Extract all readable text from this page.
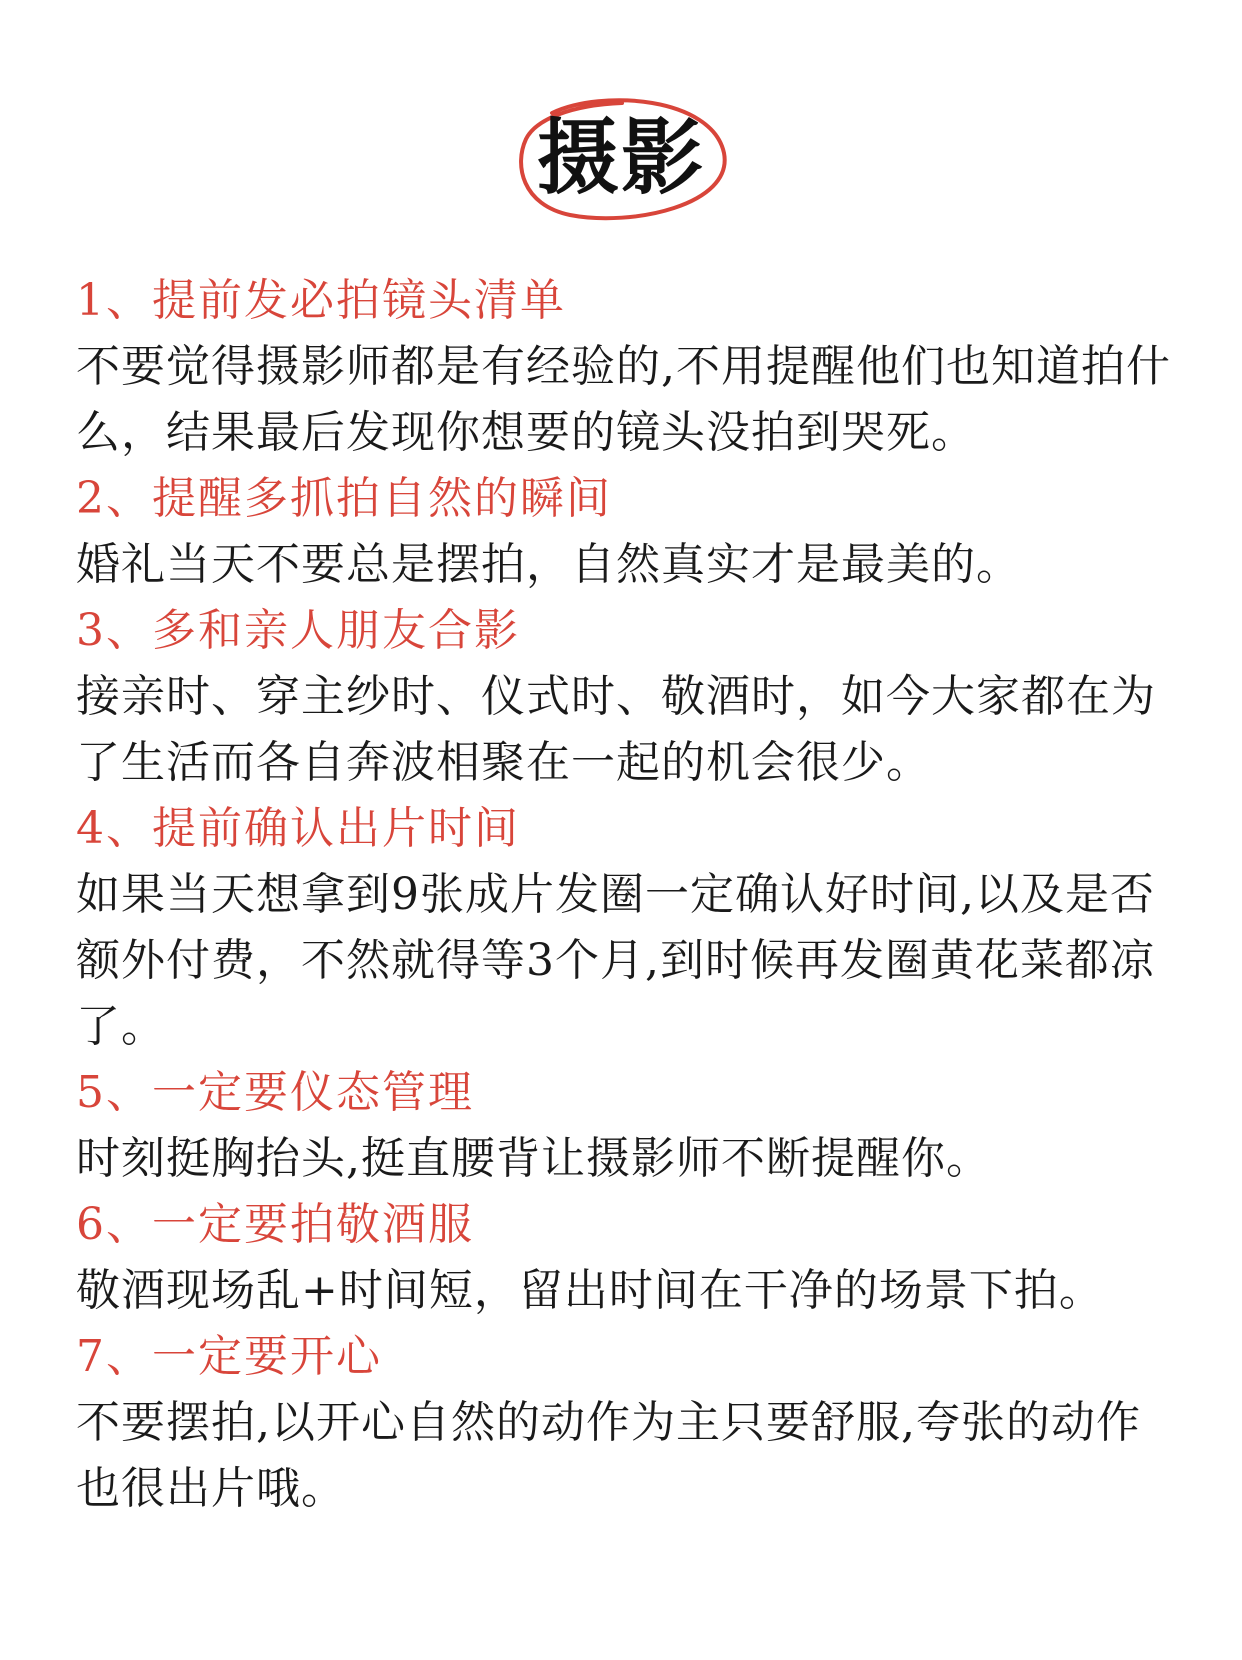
摄影
1、提前发必拍镜头清单
不要觉得摄影师都是有经验的,不用提醒他们也知道拍什么，结果最后发现你想要的镜头没拍到哭死。
2、提醒多抓拍自然的瞬间
婚礼当天不要总是摆拍，自然真实才是最美的。
3、多和亲人朋友合影
接亲时、穿主纱时、仪式时、敬酒时，如今大家都在为了生活而各自奔波相聚在一起的机会很少。
4、提前确认出片时间
如果当天想拿到9张成片发圈一定确认好时间,以及是否额外付费，不然就得等3个月,到时候再发圈黄花菜都凉了。
5、一定要仪态管理
时刻挺胸抬头,挺直腰背让摄影师不断提醒你。
6、一定要拍敬酒服
敬酒现场乱+时间短，留出时间在干净的场景下拍。
7、一定要开心
不要摆拍,以开心自然的动作为主只要舒服,夸张的动作也很出片哦。
